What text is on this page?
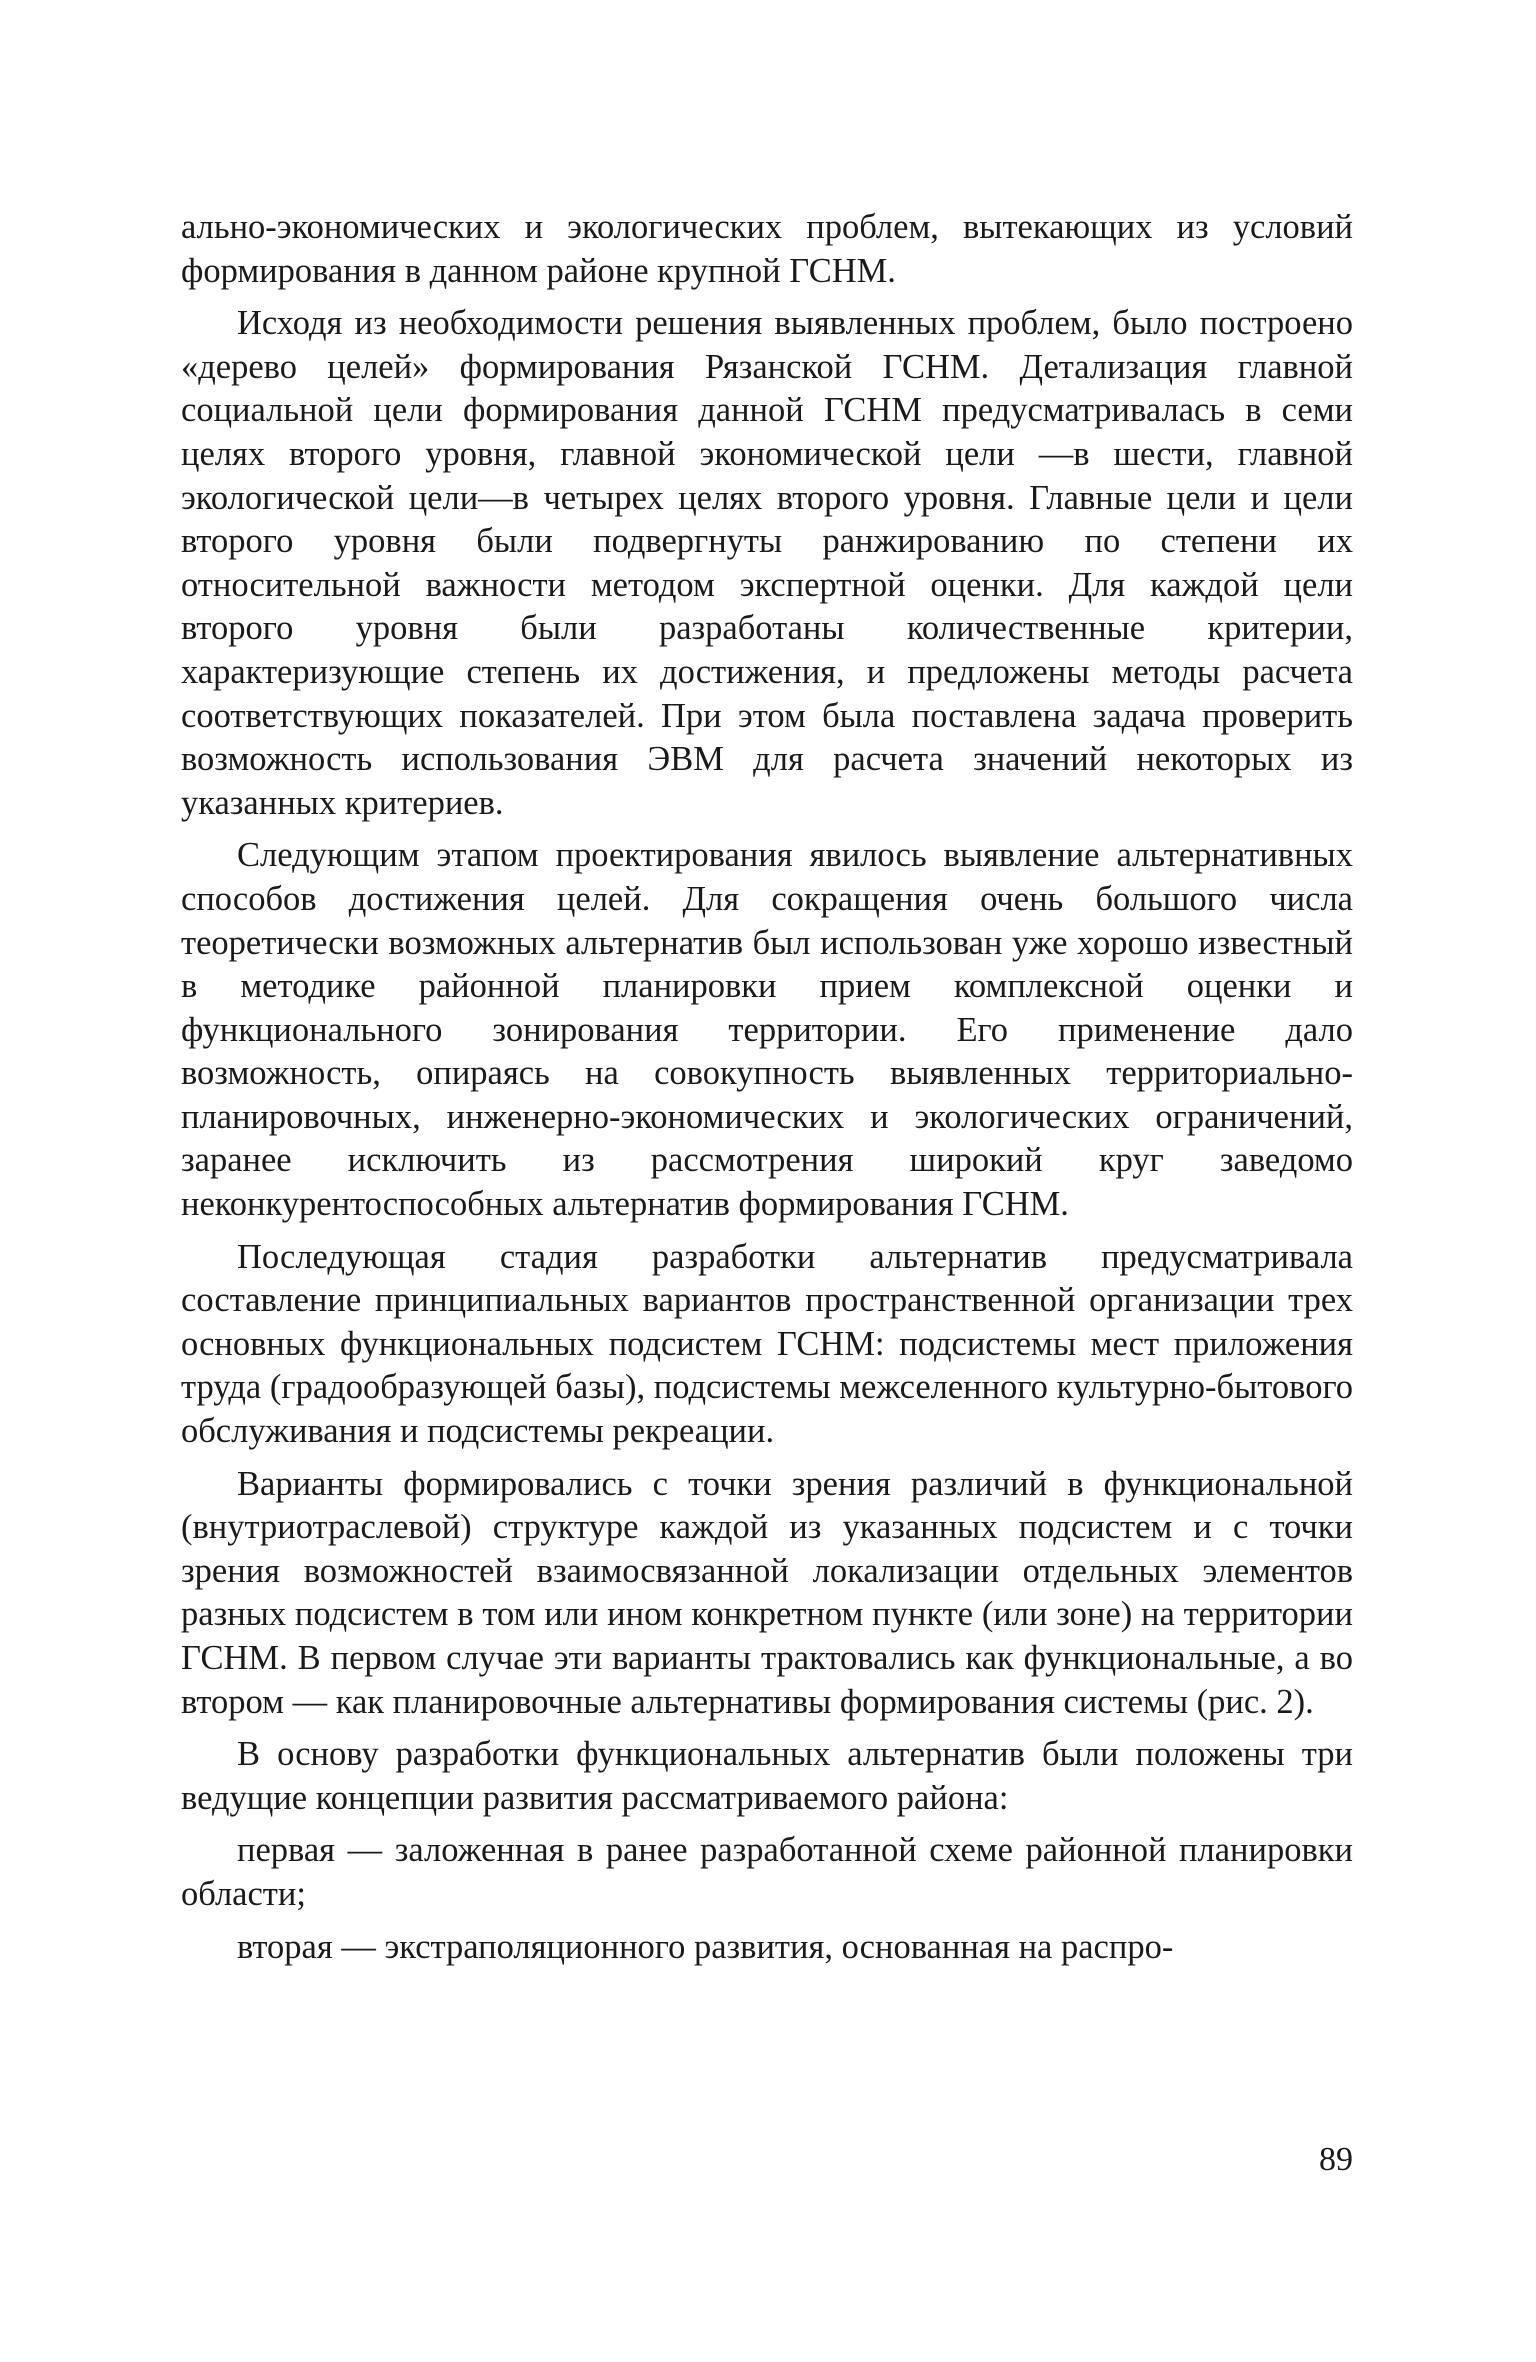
ально-экономических и экологических проблем, вытекающих из условий формирования в данном районе крупной ГСНМ.

Исходя из необходимости решения выявленных проблем, было построено «дерево целей» формирования Рязанской ГСНМ. Детализация главной социальной цели формирования данной ГСНМ предусматривалась в семи целях второго уровня, главной экономической цели —в шести, главной экологической цели—в четырех целях второго уровня. Главные цели и цели второго уровня были подвергнуты ранжированию по степени их относительной важности методом экспертной оценки. Для каждой цели второго уровня были разработаны количественные критерии, характеризующие степень их достижения, и предложены методы расчета соответствующих показателей. При этом была поставлена задача проверить возможность использования ЭВМ для расчета значений некоторых из указанных критериев.

Следующим этапом проектирования явилось выявление альтернативных способов достижения целей. Для сокращения очень большого числа теоретически возможных альтернатив был использован уже хорошо известный в методике районной планировки прием комплексной оценки и функционального зонирования территории. Его применение дало возможность, опираясь на совокупность выявленных территориально-планировочных, инженерно-экономических и экологических ограничений, заранее исключить из рассмотрения широкий круг заведомо неконкурентоспособных альтернатив формирования ГСНМ.

Последующая стадия разработки альтернатив предусматривала составление принципиальных вариантов пространственной организации трех основных функциональных подсистем ГСНМ: подсистемы мест приложения труда (градообразующей базы), подсистемы межселенного культурно-бытового обслуживания и подсистемы рекреации.

Варианты формировались с точки зрения различий в функциональной (внутриотраслевой) структуре каждой из указанных подсистем и с точки зрения возможностей взаимосвязанной локализации отдельных элементов разных подсистем в том или ином конкретном пункте (или зоне) на территории ГСНМ. В первом случае эти варианты трактовались как функциональные, а во втором — как планировочные альтернативы формирования системы (рис. 2).

В основу разработки функциональных альтернатив были положены три ведущие концепции развития рассматриваемого района:

первая — заложенная в ранее разработанной схеме районной планировки области;

вторая — экстраполяционного развития, основанная на распро-

89
